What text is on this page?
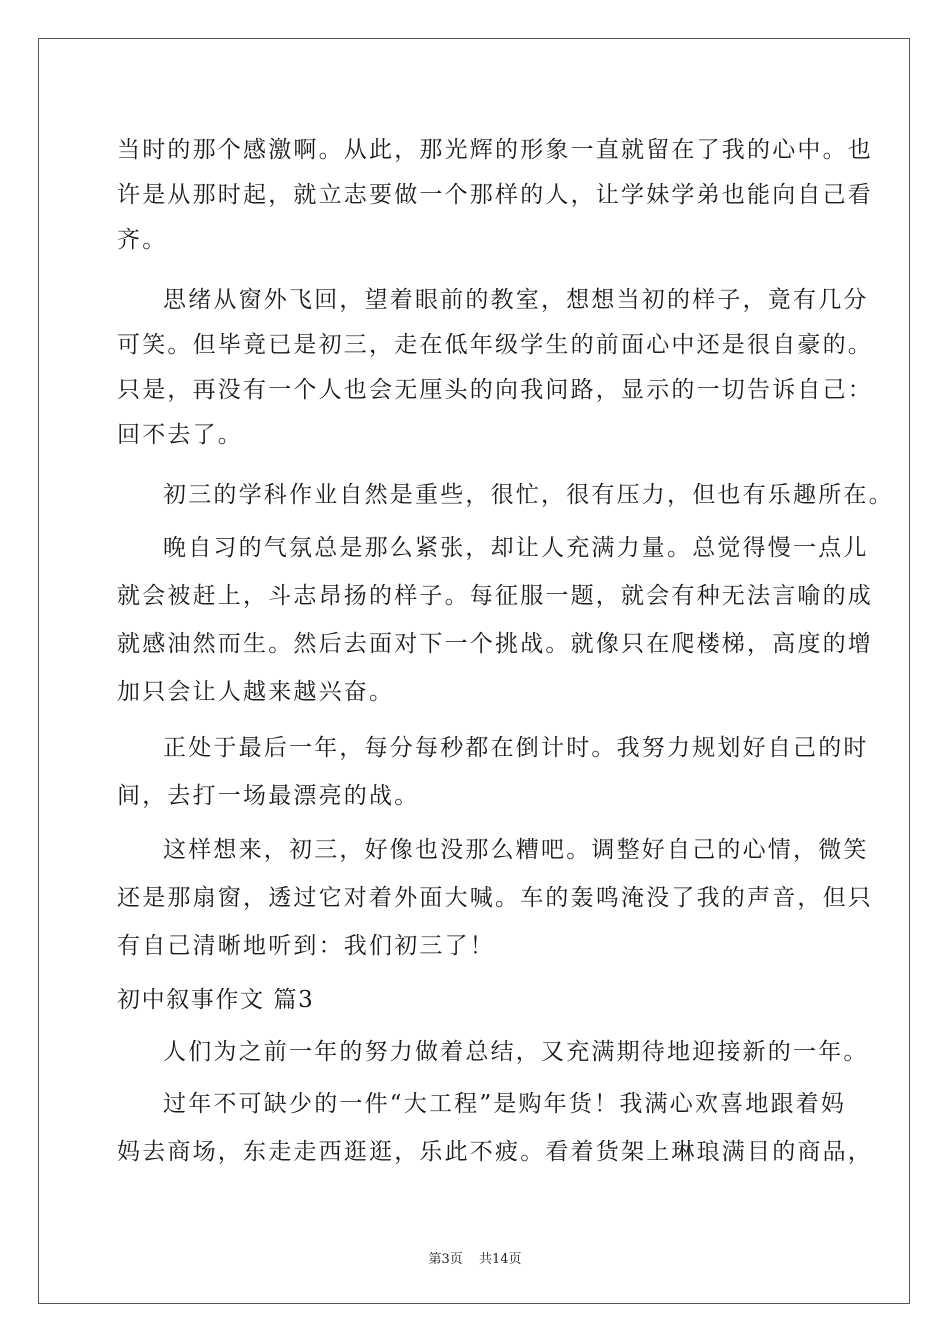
当时的那个感激啊。从此，那光辉的形象一直就留在了我的心中。也
许是从那时起，就立志要做一个那样的人，让学妹学弟也能向自己看
齐。
思绪从窗外飞回，望着眼前的教室，想想当初的样子，竟有几分
可笑。但毕竟已是初三，走在低年级学生的前面心中还是很自豪的。
只是，再没有一个人也会无厘头的向我问路，显示的一切告诉自己：
回不去了。
初三的学科作业自然是重些，很忙，很有压力，但也有乐趣所在。
晚自习的气氛总是那么紧张，却让人充满力量。总觉得慢一点儿
就会被赶上，斗志昂扬的样子。每征服一题，就会有种无法言喻的成
就感油然而生。然后去面对下一个挑战。就像只在爬楼梯，高度的增
加只会让人越来越兴奋。
正处于最后一年，每分每秒都在倒计时。我努力规划好自己的时
间，去打一场最漂亮的战。
这样想来，初三，好像也没那么糟吧。调整好自己的心情，微笑
还是那扇窗，透过它对着外面大喊。车的轰鸣淹没了我的声音，但只
有自己清晰地听到：我们初三了！
初中叙事作文 篇3
人们为之前一年的努力做着总结，又充满期待地迎接新的一年。
过年不可缺少的一件“大工程”是购年货！我满心欢喜地跟着妈
妈去商场，东走走西逛逛，乐此不疲。看着货架上琳琅满目的商品，
第3页 共14页
